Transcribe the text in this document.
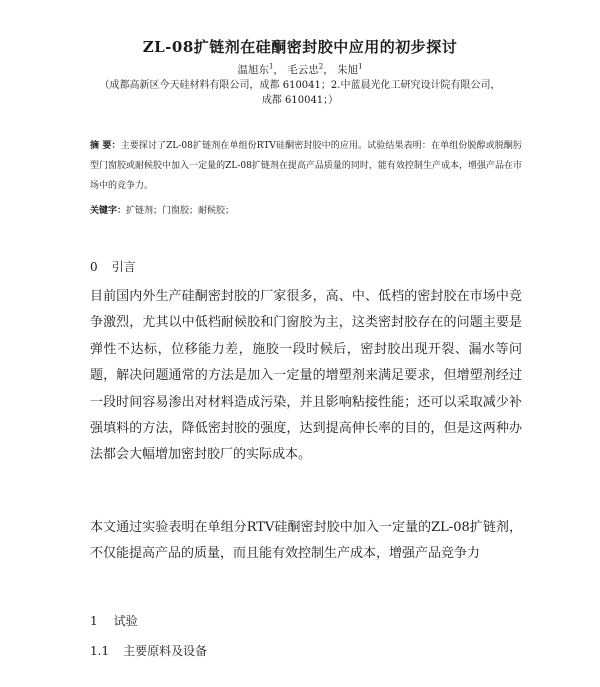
ZL-08扩链剂在硅酮密封胶中应用的初步探讨
温旭东$^1$， 毛云忠$^2$， 朱旭$^1$
（成都高新区今天硅材料有限公司，成都 610041；2.中蓝晨光化工研究设计院有限公司，
成都 610041；）
摘 要：主要探讨了ZL-08扩链剂在单组份RTV硅酮密封胶中的应用。试验结果表明：在单组份脱醇或脱酮肟型门窗胶或耐候胶中加入一定量的ZL-08扩链剂在提高产品质量的同时，能有效控制生产成本，增强产品在市场中的竞争力。
关键字：扩链剂；门窗胶；耐候胶；
0 引言
目前国内外生产硅酮密封胶的厂家很多，高、中、低档的密封胶在市场中竞争激烈，尤其以中低档耐候胶和门窗胶为主，这类密封胶存在的问题主要是弹性不达标，位移能力差，施胶一段时候后，密封胶出现开裂、漏水等问题，解决问题通常的方法是加入一定量的增塑剂来满足要求，但增塑剂经过一段时间容易渗出对材料造成污染，并且影响粘接性能；还可以采取减少补强填料的方法，降低密封胶的强度，达到提高伸长率的目的，但是这两种办法都会大幅增加密封胶厂的实际成本。
本文通过实验表明在单组分RTV硅酮密封胶中加入一定量的ZL-08扩链剂，不仅能提高产品的质量，而且能有效控制生产成本，增强产品竞争力
1 试验
1.1 主要原料及设备
